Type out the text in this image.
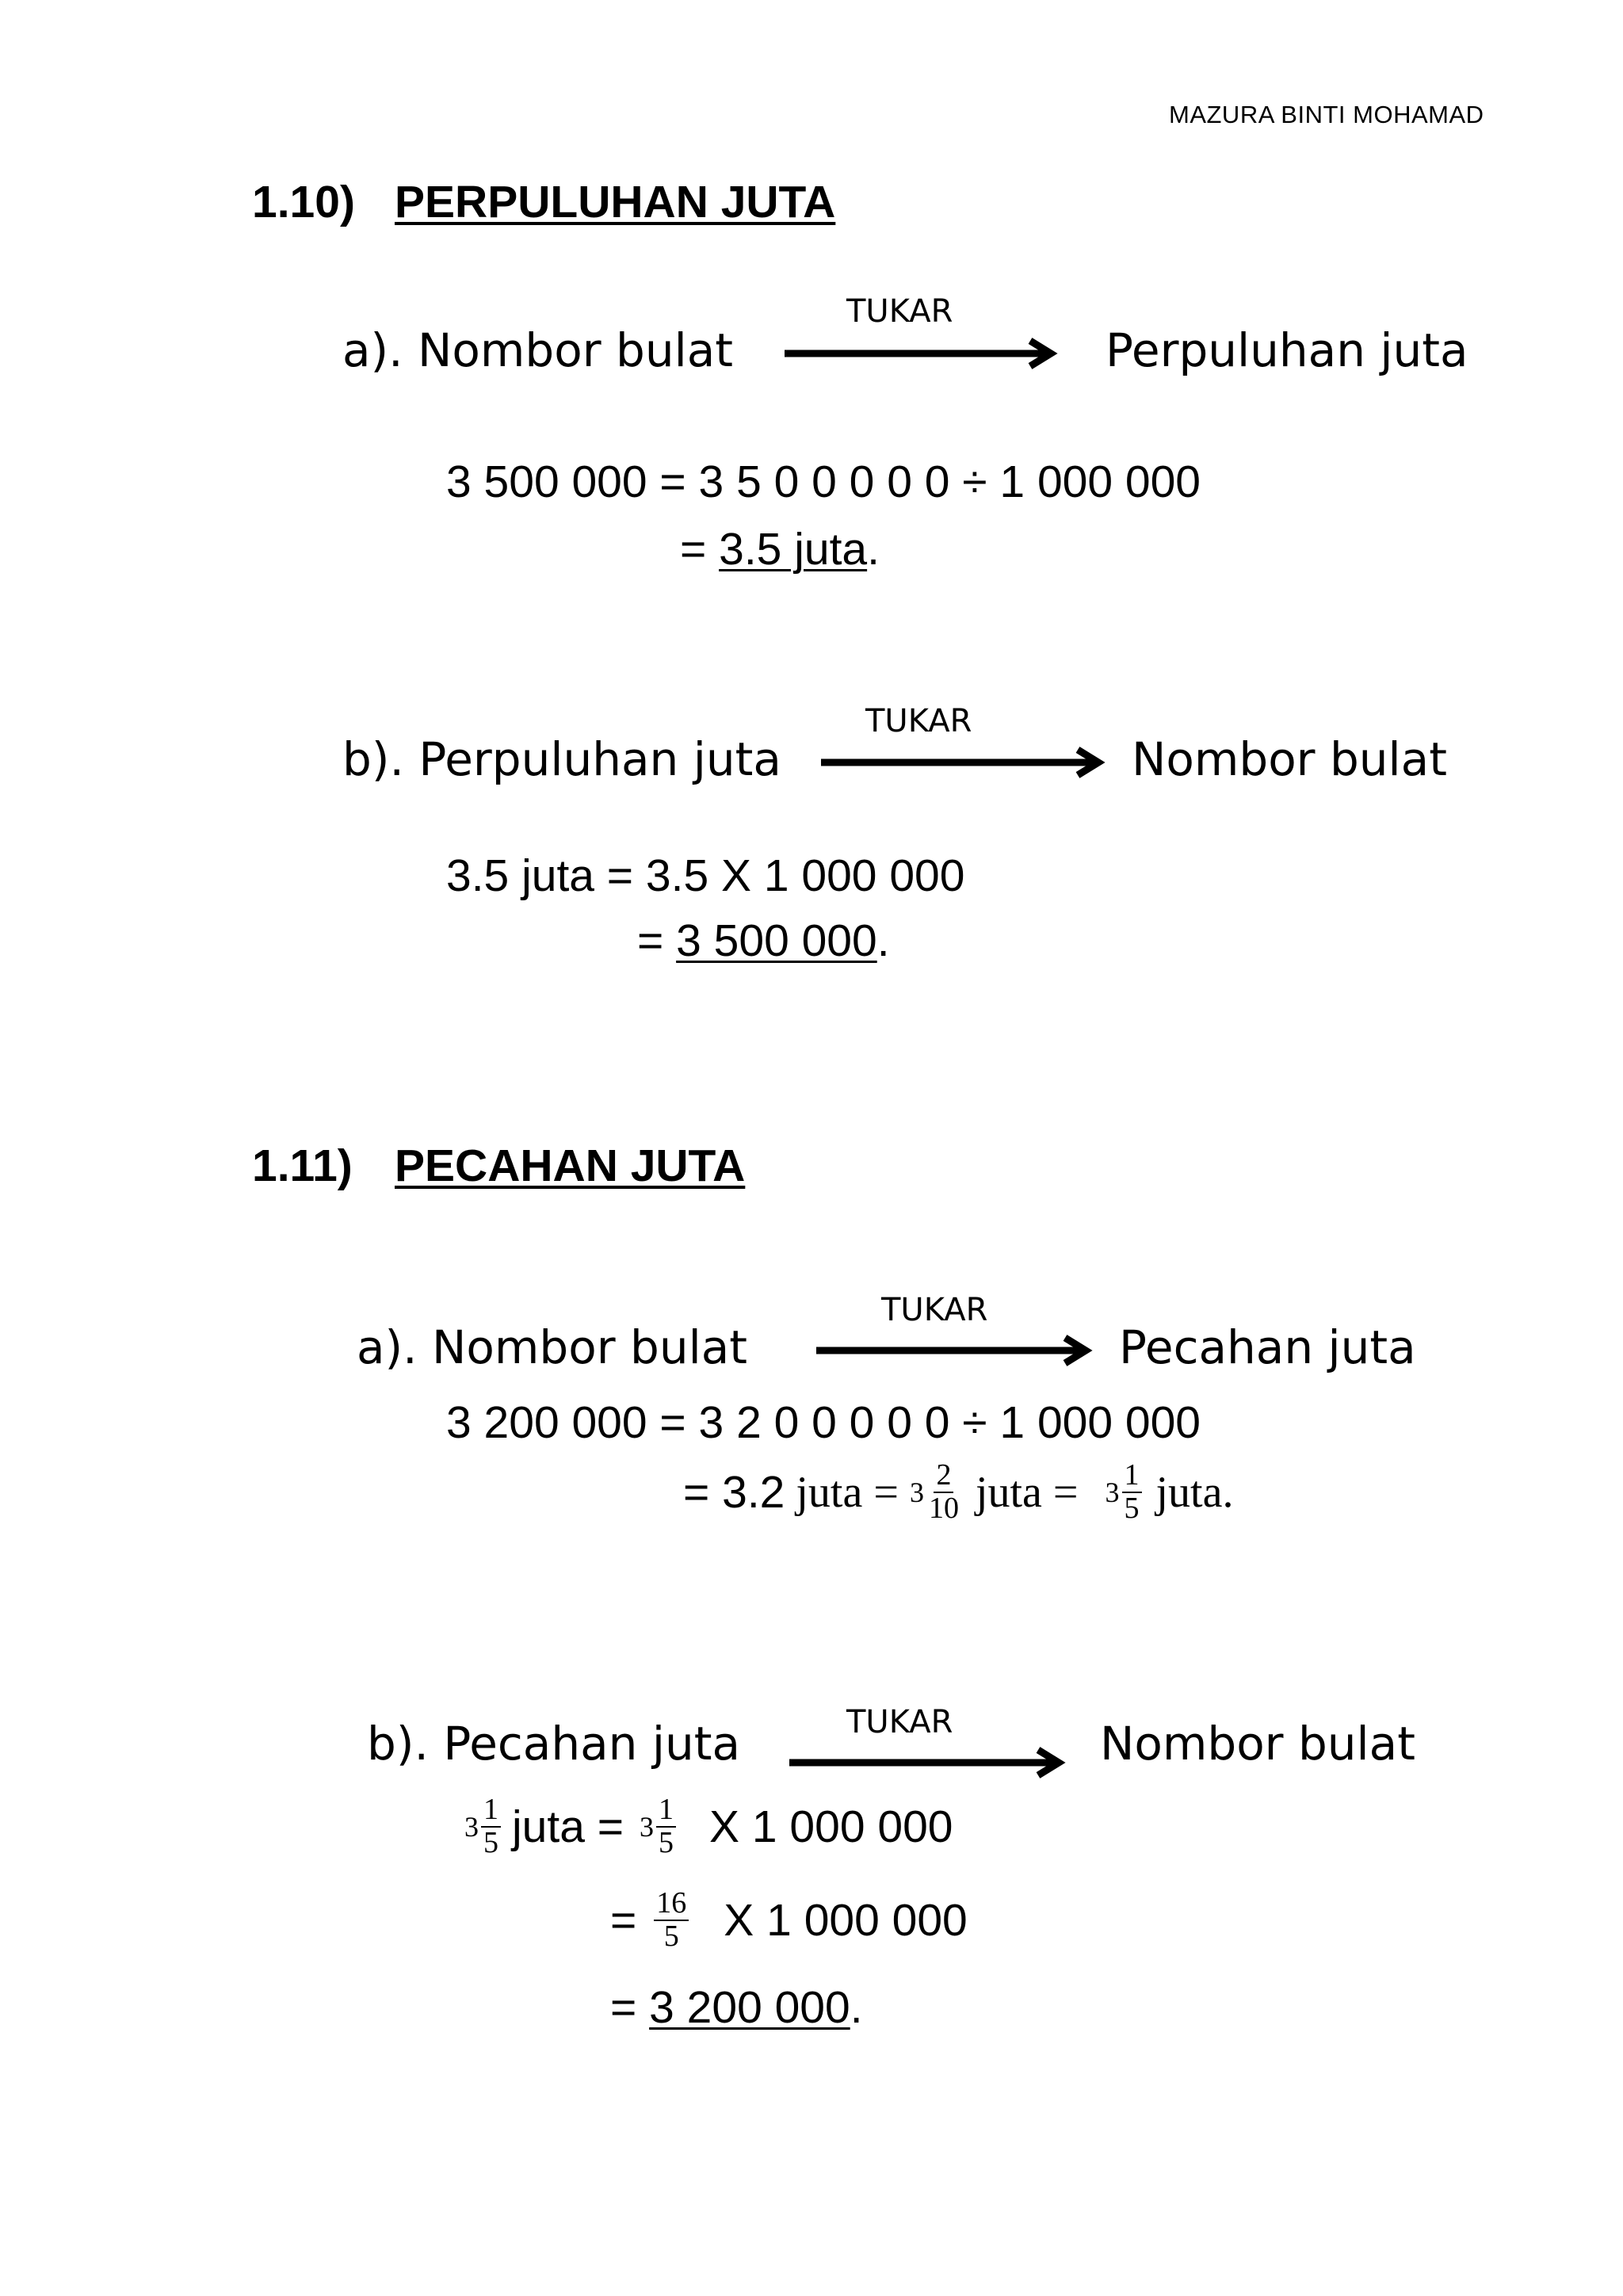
MAZURA BINTI MOHAMAD
1.10) PERPULUHAN JUTA
a). Nombor bulat
TUKAR
Perpuluhan juta
3 500 000 = 3 5 0 0 0 0 0 ÷ 1 000 000
= 3.5 juta.
b). Perpuluhan juta
TUKAR
Nombor bulat
3.5 juta = 3.5 X 1 000 000
= 3 500 000.
1.11) PECAHAN JUTA
a). Nombor bulat
TUKAR
Pecahan juta
3 200 000 = 3 2 0 0 0 0 0 ÷ 1 000 000
= 3.2 juta = $3 \frac{2}{10}$ juta = $3 \frac{1}{5}$ juta.
b). Pecahan juta	TUKAR	Nombor bulat
$3 \frac{1}{5}$ juta = $3 \frac{1}{5}$ X 1 000 000
= $\frac{16}{5}$ X 1 000 000
= 3 200 000.
